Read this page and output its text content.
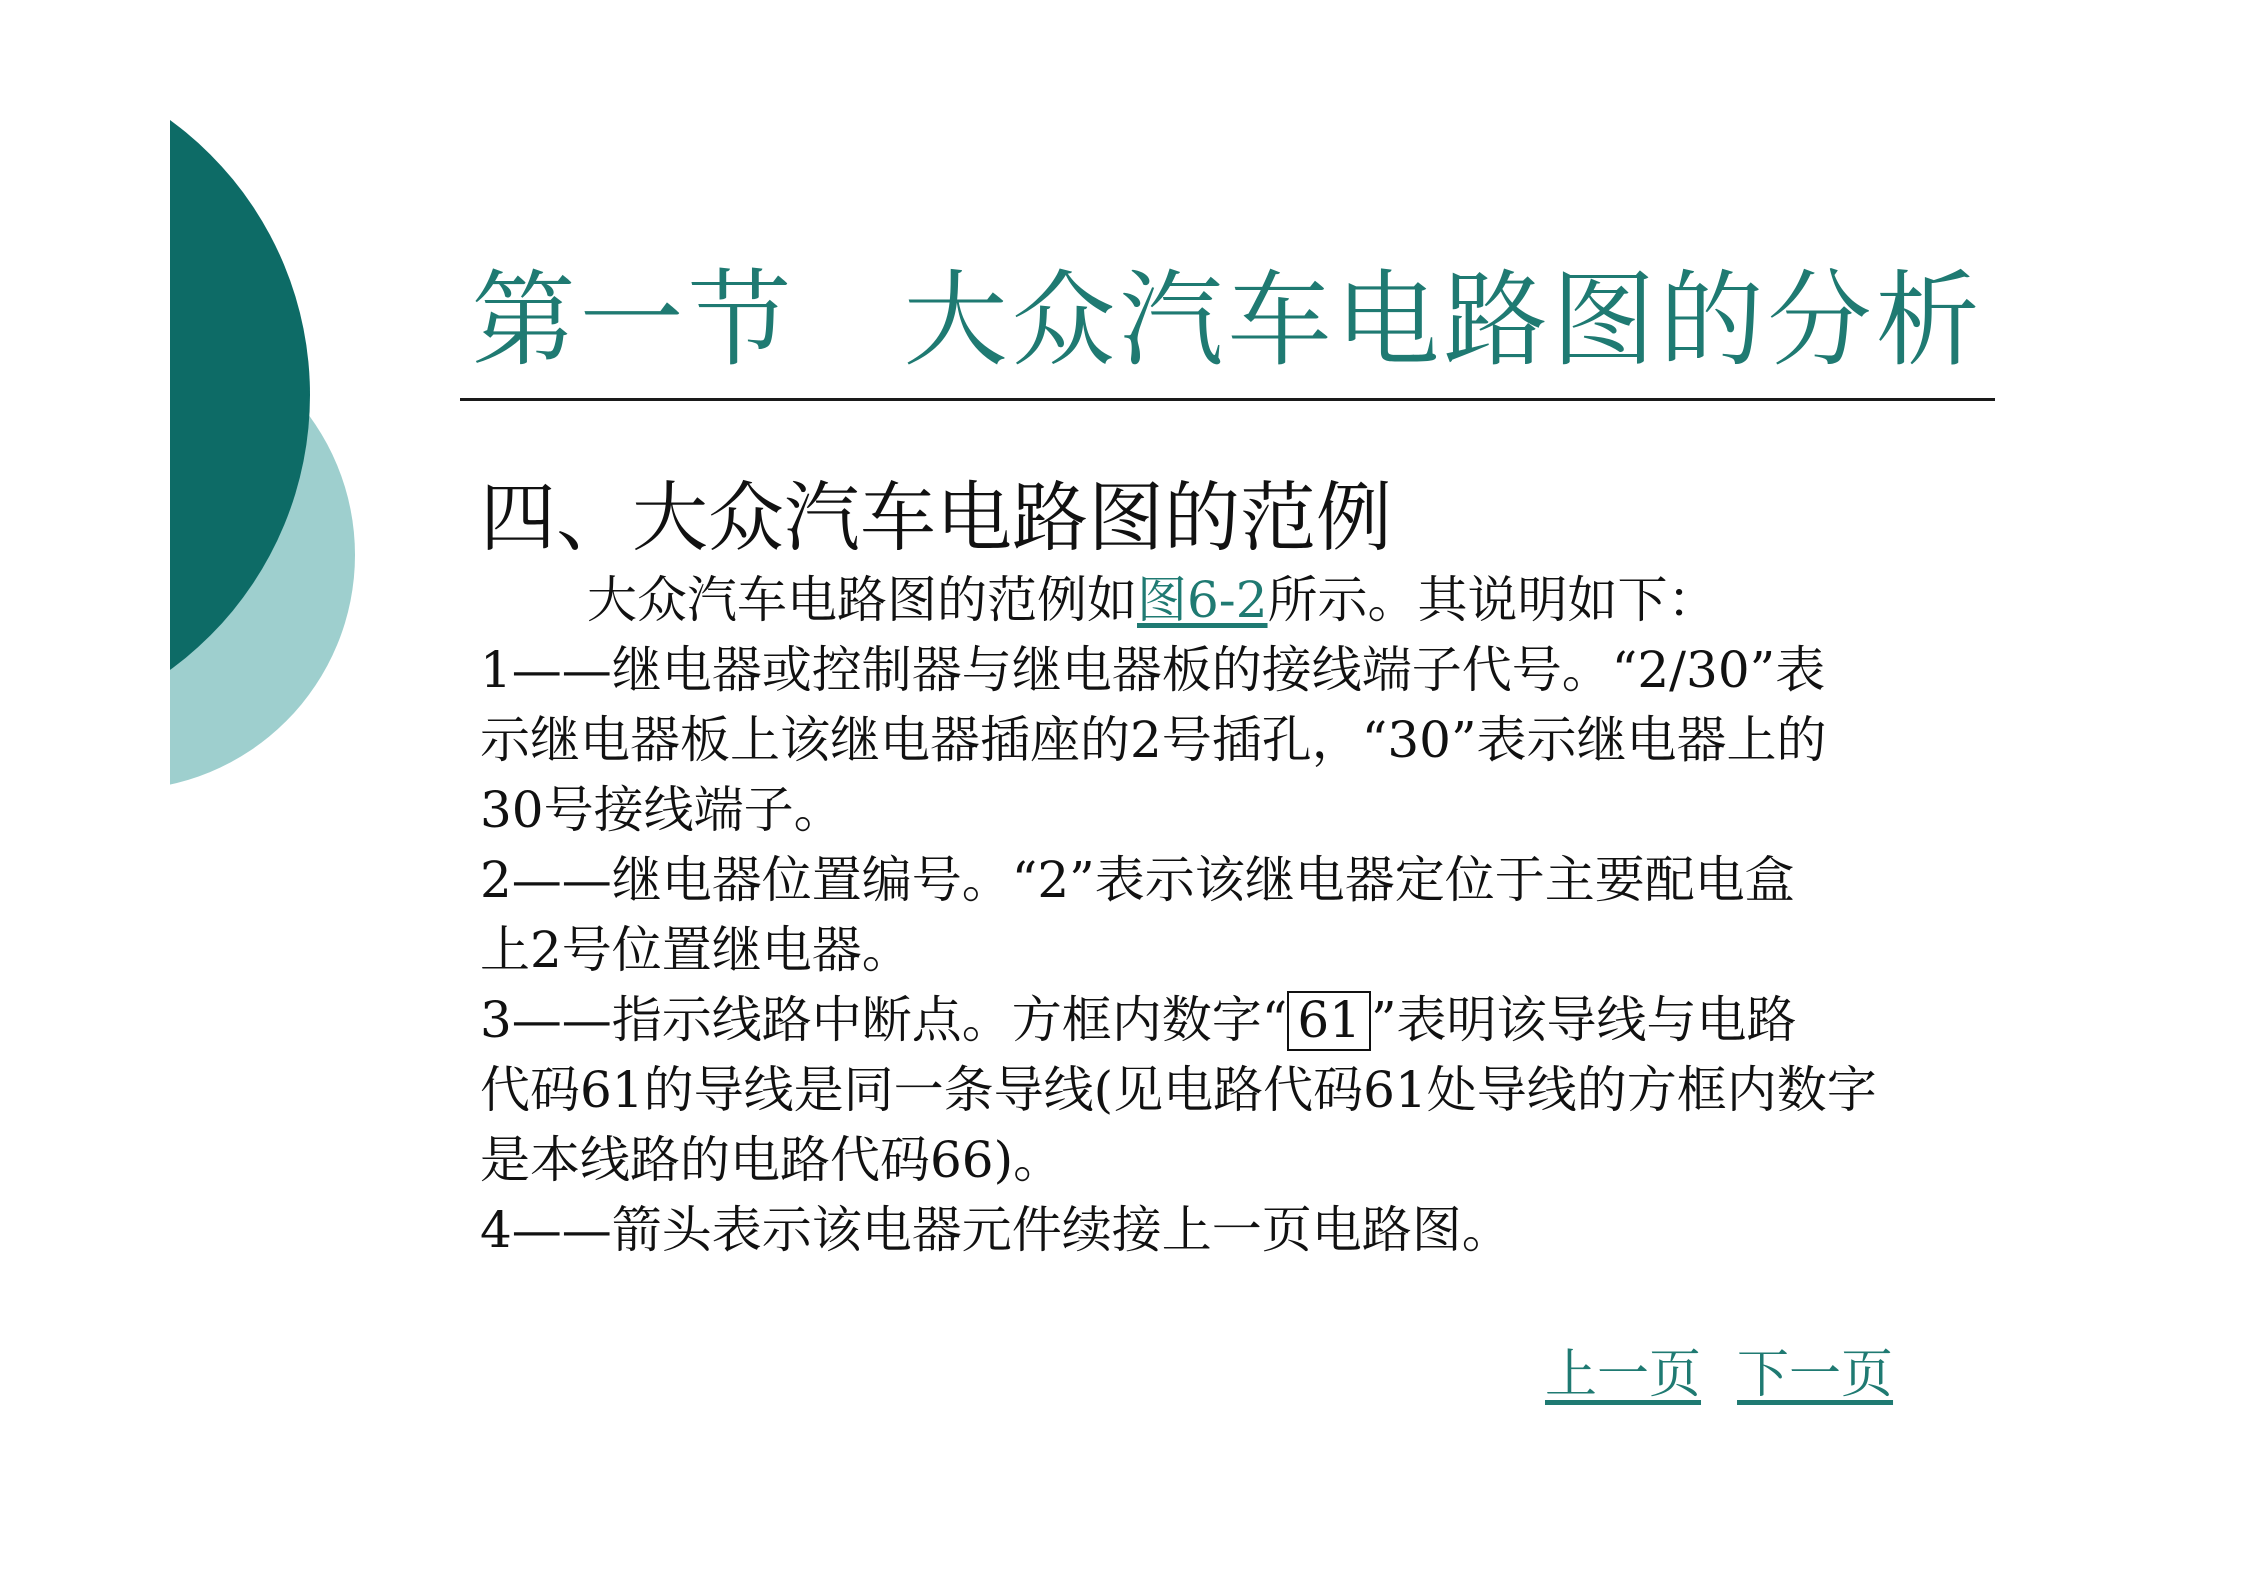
第一节　大众汽车电路图的分析
四、大众汽车电路图的范例
大众汽车电路图的范例如图6-2所示。其说明如下：
1——继电器或控制器与继电器板的接线端子代号。“2/30”表
示继电器板上该继电器插座的2号插孔，“30”表示继电器上的
30号接线端子。
2——继电器位置编号。“2”表示该继电器定位于主要配电盒
上2号位置继电器。
3——指示线路中断点。方框内数字“ 61 ”表明该导线与电路
代码61的导线是同一条导线(见电路代码61处导线的方框内数字
是本线路的电路代码66)。
4——箭头表示该电器元件续接上一页电路图。
上一页 下一页
